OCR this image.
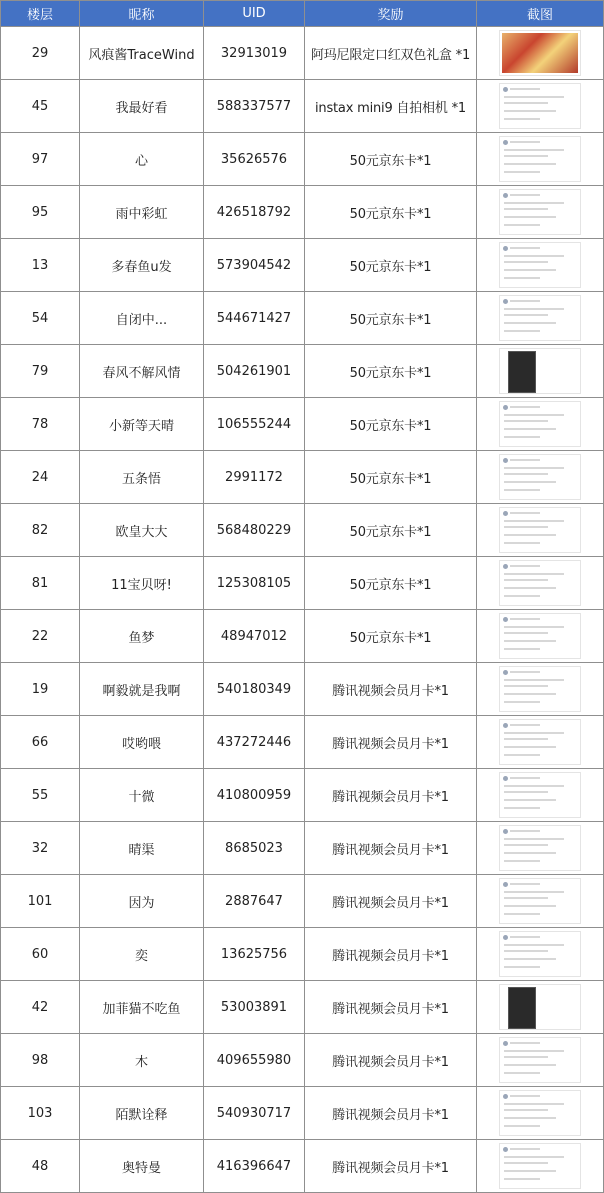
楼层	昵称	UID	奖励	截图
29	风痕酱TraceWind	32913019	阿玛尼限定口红双色礼盒 *1	

45	我最好看	588337577	instax mini9 自拍相机 *1	

97	心	35626576	50元京东卡*1	

95	雨中彩虹	426518792	50元京东卡*1	

13	多春鱼u发	573904542	50元京东卡*1	

54	自闭中...	544671427	50元京东卡*1	

79	春风不解风情	504261901	50元京东卡*1	

78	小新等天晴	106555244	50元京东卡*1	

24	五条悟	2991172	50元京东卡*1	

82	欧皇大大	568480229	50元京东卡*1	

81	11宝贝呀!	125308105	50元京东卡*1	

22	鱼梦	48947012	50元京东卡*1	

19	啊毅就是我啊	540180349	腾讯视频会员月卡*1	

66	哎哟喂	437272446	腾讯视频会员月卡*1	

55	十微	410800959	腾讯视频会员月卡*1	

32	晴渠	8685023	腾讯视频会员月卡*1	

101	因为	2887647	腾讯视频会员月卡*1	

60	奕	13625756	腾讯视频会员月卡*1	

42	加菲猫不吃鱼	53003891	腾讯视频会员月卡*1	

98	木	409655980	腾讯视频会员月卡*1	

103	陌默诠释	540930717	腾讯视频会员月卡*1	

48	奥特曼	416396647	腾讯视频会员月卡*1	
